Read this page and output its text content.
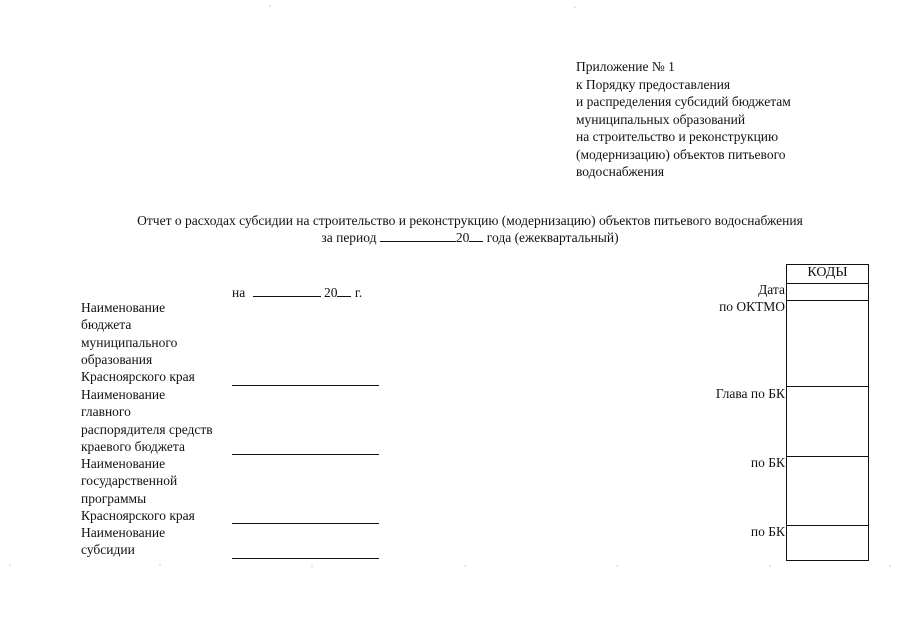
Приложение № 1
к Порядку предоставления
и распределения субсидий бюджетам
муниципальных образований
на строительство и реконструкцию
(модернизацию) объектов питьевого
водоснабжения
Отчет о расходах субсидии на строительство и реконструкцию (модернизацию) объектов питьевого водоснабжения
за период	20 года (ежеквартальный)
на	20 г.
Наименование
бюджета
муниципального
образования
Красноярского края
Наименование
главного
распорядителя средств
краевого бюджета
Наименование
государственной
программы
Красноярского края
Наименование
субсидии
Дата
по ОКТМО
Глава по БК
по БК
по БК
КОДЫ
